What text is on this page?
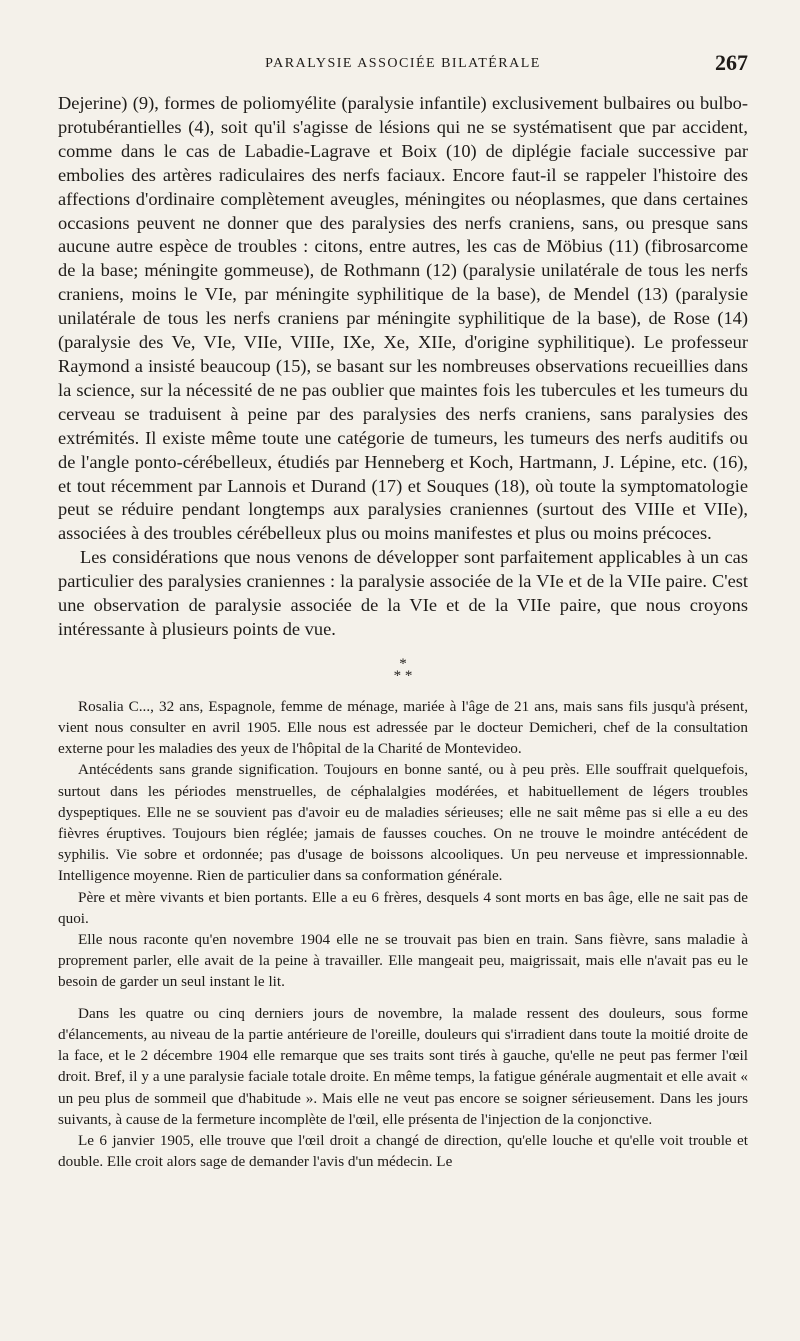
PARALYSIE ASSOCIÉE BILATÉRALE	267

Dejerine) (9), formes de poliomyélite (paralysie infantile) exclusivement bulbaires ou bulbo-protubérantielles (4), soit qu'il s'agisse de lésions qui ne se systématisent que par accident, comme dans le cas de Labadie-Lagrave et Boix (10) de diplégie faciale successive par embolies des artères radiculaires des nerfs faciaux. Encore faut-il se rappeler l'histoire des affections d'ordinaire complètement aveugles, méningites ou néoplasmes, que dans certaines occasions peuvent ne donner que des paralysies des nerfs craniens, sans, ou presque sans aucune autre espèce de troubles : citons, entre autres, les cas de Möbius (11) (fibrosarcome de la base; méningite gommeuse), de Rothmann (12) (paralysie unilatérale de tous les nerfs craniens, moins le VIe, par méningite syphilitique de la base), de Mendel (13) (paralysie unilatérale de tous les nerfs craniens par méningite syphilitique de la base), de Rose (14) (paralysie des Ve, VIe, VIIe, VIIIe, IXe, Xe, XIIe, d'origine syphilitique). Le professeur Raymond a insisté beaucoup (15), se basant sur les nombreuses observations recueillies dans la science, sur la nécessité de ne pas oublier que maintes fois les tubercules et les tumeurs du cerveau se traduisent à peine par des paralysies des nerfs craniens, sans paralysies des extrémités. Il existe même toute une catégorie de tumeurs, les tumeurs des nerfs auditifs ou de l'angle ponto-cérébelleux, étudiés par Henneberg et Koch, Hartmann, J. Lépine, etc. (16), et tout récemment par Lannois et Durand (17) et Souques (18), où toute la symptomatologie peut se réduire pendant longtemps aux paralysies craniennes (surtout des VIIIe et VIIe), associées à des troubles cérébelleux plus ou moins manifestes et plus ou moins précoces.

Les considérations que nous venons de développer sont parfaitement applicables à un cas particulier des paralysies craniennes : la paralysie associée de la VIe et de la VIIe paire. C'est une observation de paralysie associée de la VIe et de la VIIe paire, que nous croyons intéressante à plusieurs points de vue.

*
* *

Rosalia C..., 32 ans, Espagnole, femme de ménage, mariée à l'âge de 21 ans, mais sans fils jusqu'à présent, vient nous consulter en avril 1905. Elle nous est adressée par le docteur Demicheri, chef de la consultation externe pour les maladies des yeux de l'hôpital de la Charité de Montevideo.

Antécédents sans grande signification. Toujours en bonne santé, ou à peu près. Elle souffrait quelquefois, surtout dans les périodes menstruelles, de céphalalgies modérées, et habituellement de légers troubles dyspeptiques. Elle ne se souvient pas d'avoir eu de maladies sérieuses; elle ne sait même pas si elle a eu des fièvres éruptives. Toujours bien réglée; jamais de fausses couches. On ne trouve le moindre antécédent de syphilis. Vie sobre et ordonnée; pas d'usage de boissons alcooliques. Un peu nerveuse et impressionnable. Intelligence moyenne. Rien de particulier dans sa conformation générale.

Père et mère vivants et bien portants. Elle a eu 6 frères, desquels 4 sont morts en bas âge, elle ne sait pas de quoi.

Elle nous raconte qu'en novembre 1904 elle ne se trouvait pas bien en train. Sans fièvre, sans maladie à proprement parler, elle avait de la peine à travailler. Elle mangeait peu, maigrissait, mais elle n'avait pas eu le besoin de garder un seul instant le lit.

Dans les quatre ou cinq derniers jours de novembre, la malade ressent des douleurs, sous forme d'élancements, au niveau de la partie antérieure de l'oreille, douleurs qui s'irradient dans toute la moitié droite de la face, et le 2 décembre 1904 elle remarque que ses traits sont tirés à gauche, qu'elle ne peut pas fermer l'œil droit. Bref, il y a une paralysie faciale totale droite. En même temps, la fatigue générale augmentait et elle avait « un peu plus de sommeil que d'habitude ». Mais elle ne veut pas encore se soigner sérieusement. Dans les jours suivants, à cause de la fermeture incomplète de l'œil, elle présenta de l'injection de la conjonctive.

Le 6 janvier 1905, elle trouve que l'œil droit a changé de direction, qu'elle louche et qu'elle voit trouble et double. Elle croit alors sage de demander l'avis d'un médecin. Le
